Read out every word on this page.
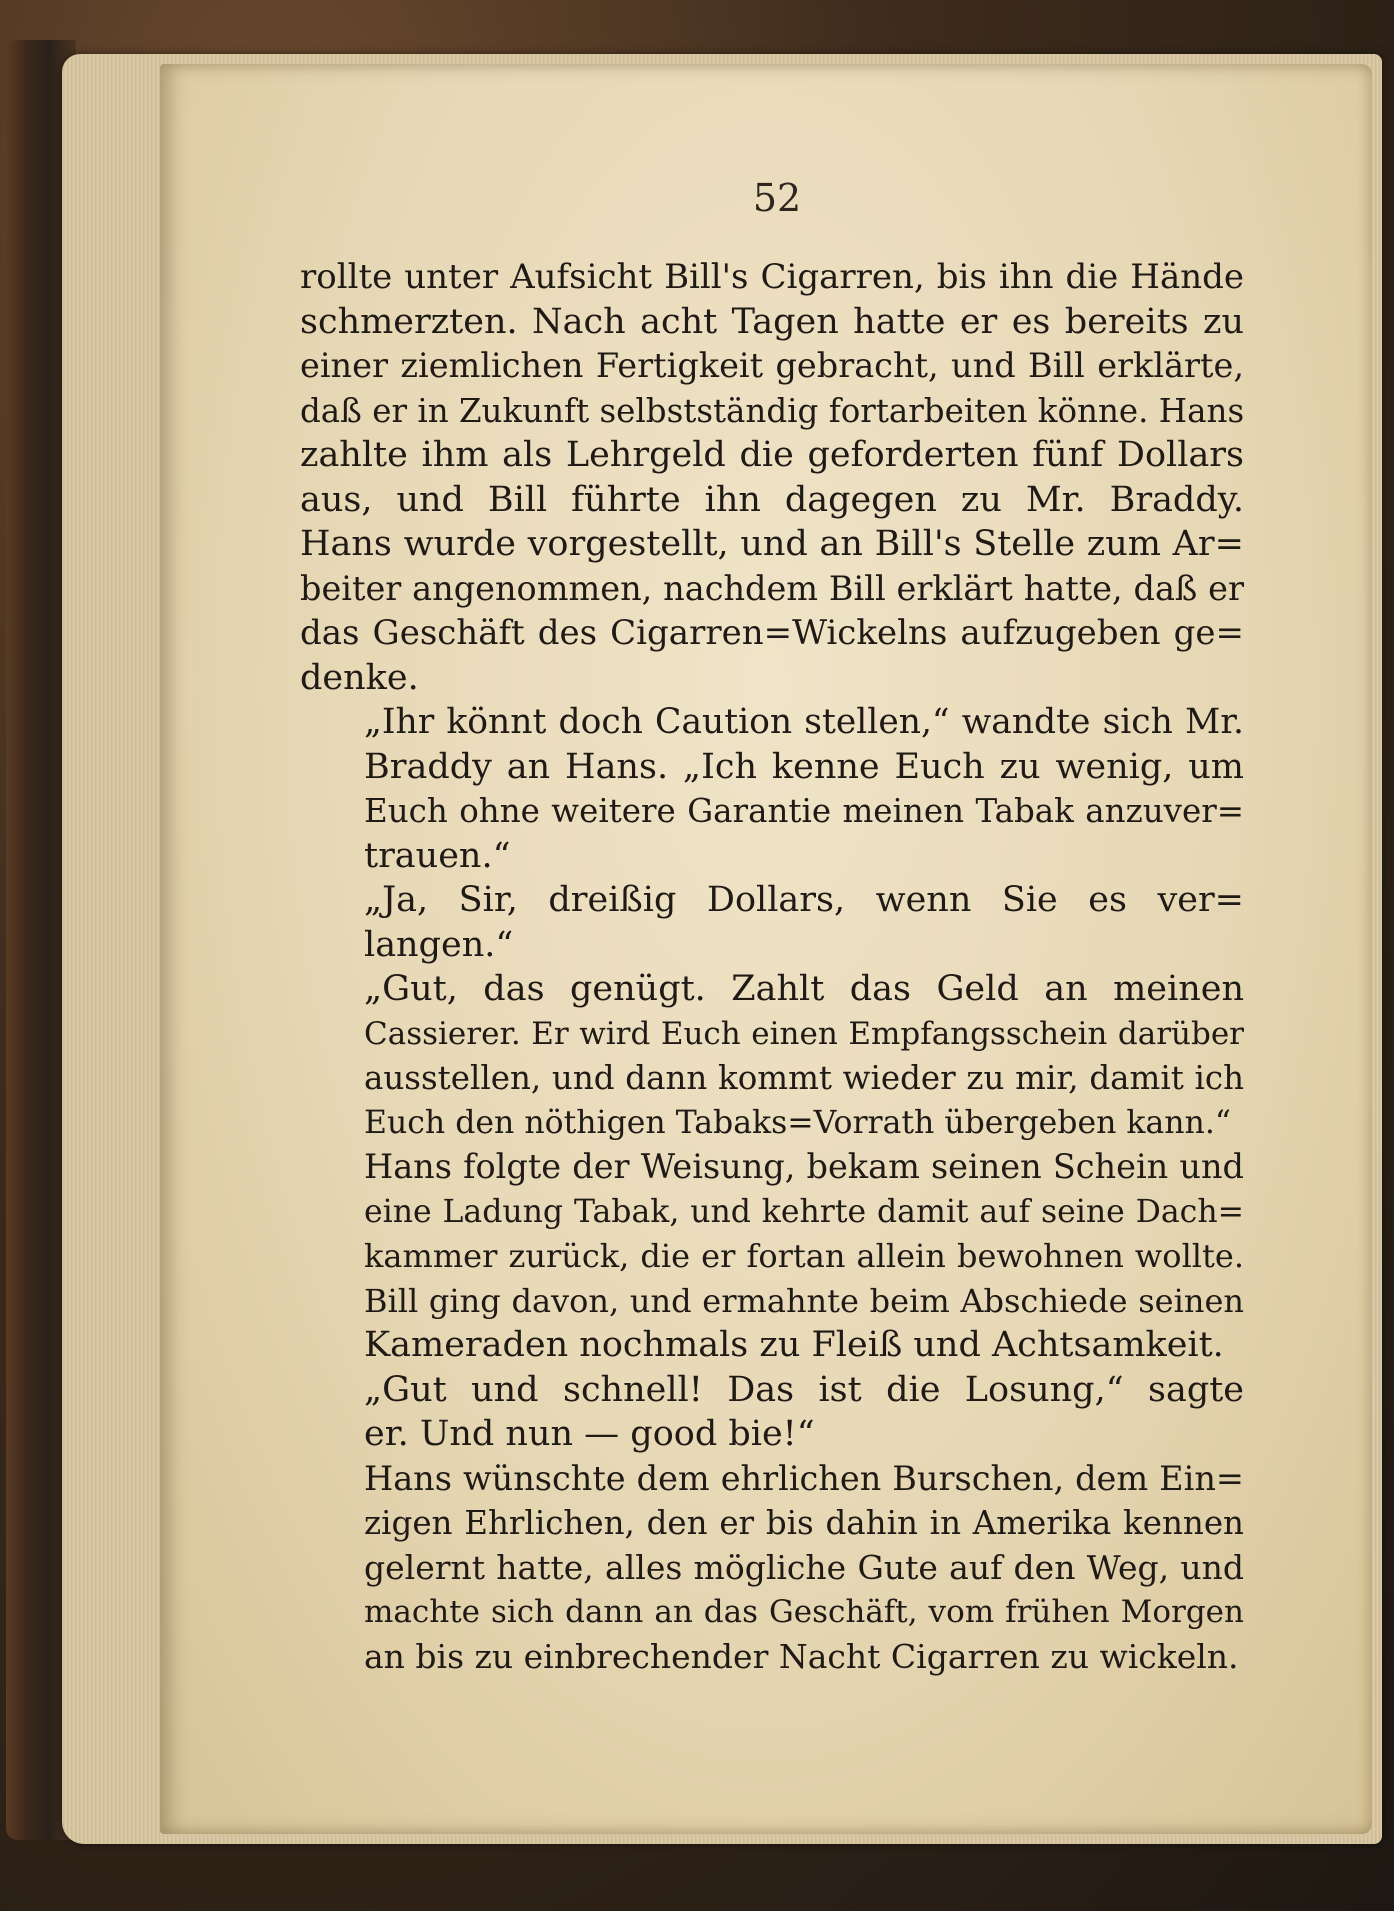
52

rollte unter Aufsicht Bill's Cigarren, bis ihn die Hände
schmerzten. Nach acht Tagen hatte er es bereits zu
einer ziemlichen Fertigkeit gebracht, und Bill erklärte,
daß er in Zukunft selbstständig fortarbeiten könne. Hans
zahlte ihm als Lehrgeld die geforderten fünf Dollars
aus, und Bill führte ihn dagegen zu Mr. Braddy.
Hans wurde vorgestellt, und an Bill's Stelle zum Ar=
beiter angenommen, nachdem Bill erklärt hatte, daß er
das Geschäft des Cigarren=Wickelns aufzugeben ge=
denke.

„Ihr könnt doch Caution stellen,“ wandte sich Mr.
Braddy an Hans. „Ich kenne Euch zu wenig, um
Euch ohne weitere Garantie meinen Tabak anzuver=
trauen.“

„Ja, Sir, dreißig Dollars, wenn Sie es ver=
langen.“

„Gut, das genügt. Zahlt das Geld an meinen
Cassierer. Er wird Euch einen Empfangsschein darüber
ausstellen, und dann kommt wieder zu mir, damit ich
Euch den nöthigen Tabaks=Vorrath übergeben kann.“

Hans folgte der Weisung, bekam seinen Schein und
eine Ladung Tabak, und kehrte damit auf seine Dach=
kammer zurück, die er fortan allein bewohnen wollte.
Bill ging davon, und ermahnte beim Abschiede seinen
Kameraden nochmals zu Fleiß und Achtsamkeit.

„Gut und schnell! Das ist die Losung,“ sagte
er. Und nun — good bie!“

Hans wünschte dem ehrlichen Burschen, dem Ein=
zigen Ehrlichen, den er bis dahin in Amerika kennen
gelernt hatte, alles mögliche Gute auf den Weg, und
machte sich dann an das Geschäft, vom frühen Morgen
an bis zu einbrechender Nacht Cigarren zu wickeln.
